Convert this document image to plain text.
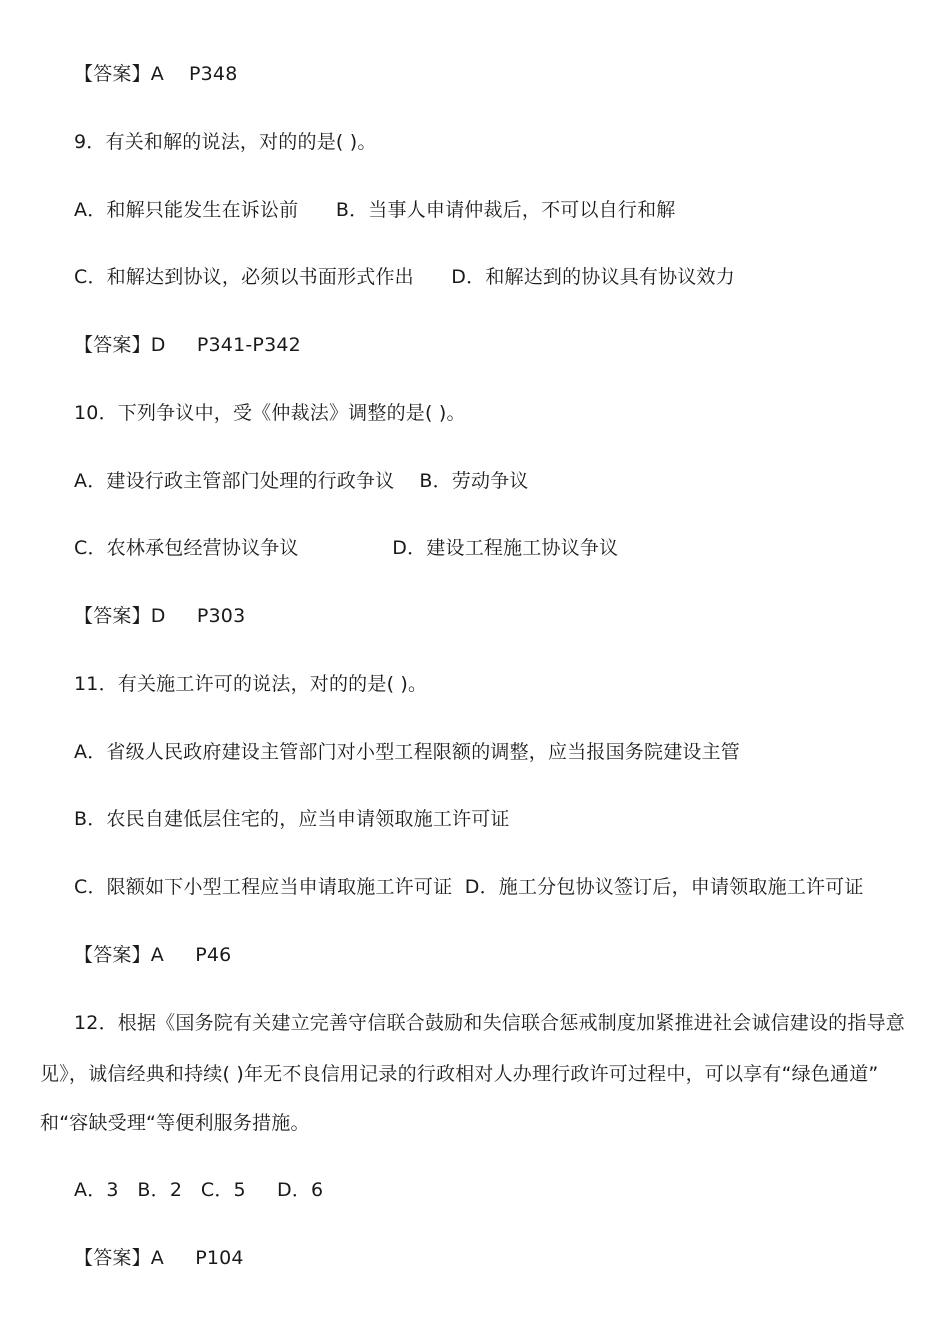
【答案】A    P348
9．有关和解的说法，对的的是( )。
A．和解只能发生在诉讼前      B．当事人申请仲裁后，不可以自行和解
C．和解达到协议，必须以书面形式作出      D．和解达到的协议具有协议效力
【答案】D     P341-P342
10．下列争议中，受《仲裁法》调整的是( )。
A．建设行政主管部门处理的行政争议    B．劳动争议
C．农林承包经营协议争议               D．建设工程施工协议争议
【答案】D     P303
11．有关施工许可的说法，对的的是( )。
A．省级人民政府建设主管部门对小型工程限额的调整，应当报国务院建设主管
B．农民自建低层住宅的，应当申请领取施工许可证
C．限额如下小型工程应当申请取施工许可证  D．施工分包协议签订后，申请领取施工许可证
【答案】A     P46
12．根据《国务院有关建立完善守信联合鼓励和失信联合惩戒制度加紧推进社会诚信建设的指导意
见》，诚信经典和持续( )年无不良信用记录的行政相对人办理行政许可过程中，可以享有“绿色通道”
和“容缺受理“等便利服务措施。
A．3   B．2   C．5     D．6
【答案】A     P104
